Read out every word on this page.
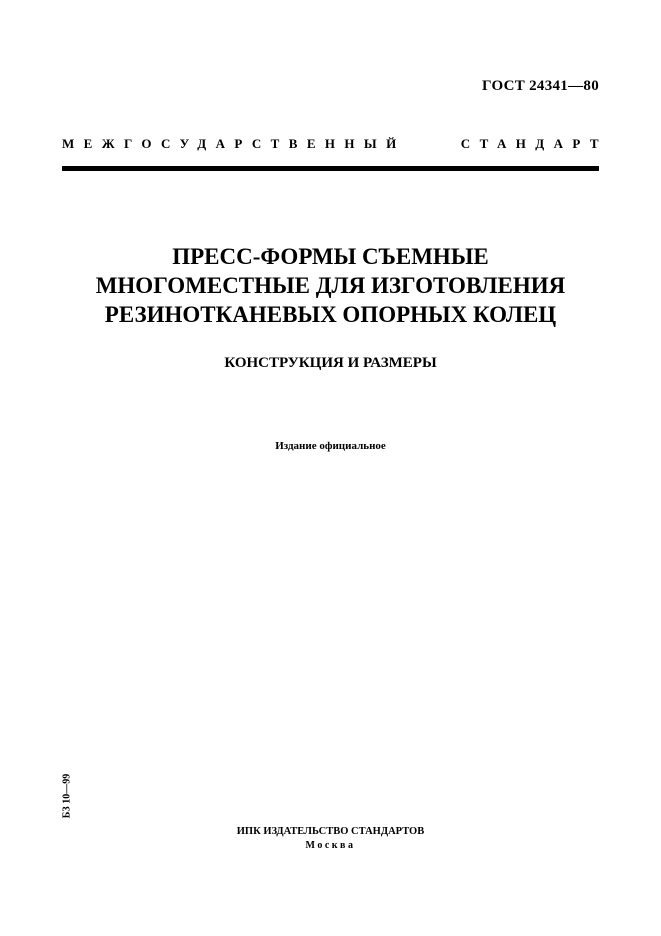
ГОСТ 24341—80
МЕЖГОСУДАРСТВЕННЫЙ	СТАНДАРТ
ПРЕСС-ФОРМЫ СЪЕМНЫЕ
МНОГОМЕСТНЫЕ ДЛЯ ИЗГОТОВЛЕНИЯ
РЕЗИНОТКАНЕВЫХ ОПОРНЫХ КОЛЕЦ
КОНСТРУКЦИЯ И РАЗМЕРЫ
Издание официальное
БЗ 10—99
ИПК ИЗДАТЕЛЬСТВО СТАНДАРТОВ
Москва
